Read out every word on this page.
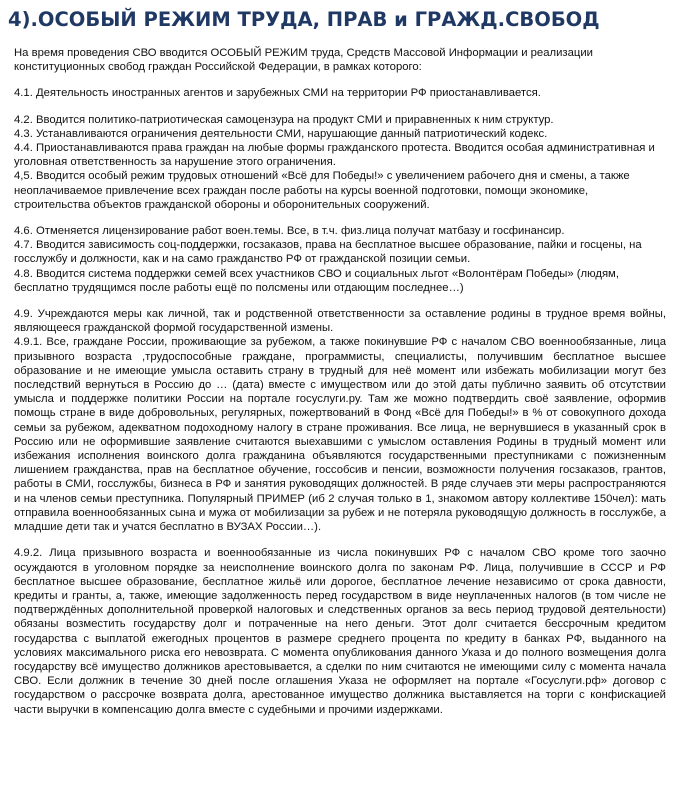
4).ОСОБЫЙ РЕЖИМ ТРУДА, ПРАВ и ГРАЖД.СВОБОД

На время проведения СВО вводится ОСОБЫЙ РЕЖИМ труда, Средств Массовой Информации и реализации конституционных свобод граждан Российской Федерации, в рамках которого:

4.1. Деятельность иностранных агентов и зарубежных СМИ на территории РФ приостанавливается.

4.2. Вводится политико-патриотическая самоцензура на продукт СМИ и приравненных к ним структур.

4.3. Устанавливаются ограничения деятельности СМИ, нарушающие данный патриотический кодекс.

4.4. Приостанавливаются права граждан на любые формы гражданского протеста. Вводится особая административная и уголовная ответственность за нарушение этого ограничения.

4,5. Вводится особый режим трудовых отношений «Всё для Победы!» с увеличением рабочего дня и смены, а также неоплачиваемое привлечение всех граждан после работы на курсы военной подготовки, помощи экономике, строительства объектов гражданской обороны и оборонительных сооружений.

4.6. Отменяется лицензирование работ воен.темы. Все, в т.ч. физ.лица получат матбазу и госфинансир.

4.7. Вводится зависимость соц-поддержки, госзаказов, права на бесплатное высшее образование, пайки и госцены, на госслужбу и должности, как и на само гражданство РФ от гражданской позиции семьи.

4.8. Вводится система поддержки семей всех участников СВО и социальных льгот «Волонтёрам Победы» (людям, бесплатно трудящимся после работы ещё по полсмены или отдающим последнее…)

4.9. Учреждаются меры как личной, так и родственной ответственности за оставление родины в трудное время войны, являющееся гражданской формой государственной измены.

4.9.1. Все, граждане России, проживающие за рубежом, а также покинувшие РФ с началом СВО военнообязанные, лица призывного возраста ,трудоспособные граждане, программисты, специалисты, получившим бесплатное высшее образование и не имеющие умысла оставить страну в трудный для неё момент или избежать мобилизации могут без последствий вернуться в Россию до … (дата) вместе с имуществом или до этой даты публично заявить об отсутствии умысла и поддержке политики России на портале госуслуги.ру. Там же можно подтвердить своё заявление, оформив помощь стране в виде добровольных, регулярных, пожертвований в Фонд «Всё для Победы!» в % от совокупного дохода семьи за рубежом, адекватном подоходному налогу в стране проживания. Все лица, не вернувшиеся в указанный срок в Россию или не оформившие заявление считаются выехавшими с умыслом оставления Родины в трудный момент или избежания исполнения воинского долга гражданина объявляются государственными преступниками с пожизненным лишением гражданства, прав на бесплатное обучение, госсобсив и пенсии, возможности получения госзаказов, грантов, работы в СМИ, госслужбы, бизнеса в РФ и занятия руководящих должностей. В ряде случаев эти меры распространяются и на членов семьи преступника. Популярный ПРИМЕР (иб 2 случая только в 1, знакомом автору коллективе 150чел): мать отправила военнообязанных сына и мужа от мобилизации за рубеж и не потеряла руководящую должность в госслужбе, а младшие дети так и учатся бесплатно в ВУЗАХ России…).

4.9.2. Лица призывного возраста и военнообязанные из числа покинувших РФ с началом СВО кроме того заочно осуждаются в уголовном порядке за неисполнение воинского долга по законам РФ. Лица, получившие в СССР и РФ бесплатное высшее образование, бесплатное жильё или дорогое, бесплатное лечение независимо от срока давности, кредиты и гранты, а, также, имеющие задолженность перед государством в виде неуплаченных налогов (в том числе не подтверждённых дополнительной проверкой налоговых и следственных органов за весь период трудовой деятельности) обязаны возместить государству долг и потраченные на него деньги. Этот долг считается бессрочным кредитом государства с выплатой ежегодных процентов в размере среднего процента по кредиту в банках РФ, выданного на условиях максимального риска его невозврата. С момента опубликования данного Указа и до полного возмещения долга государству всё имущество должников арестовывается, а сделки по ним считаются не имеющими силу с момента начала СВО. Если должник в течение 30 дней после оглашения Указа не оформляет на портале «Госуслуги.рф» договор с государством о рассрочке возврата долга, арестованное имущество должника выставляется на торги с конфискацией части выручки в компенсацию долга вместе с судебными и прочими издержками.
